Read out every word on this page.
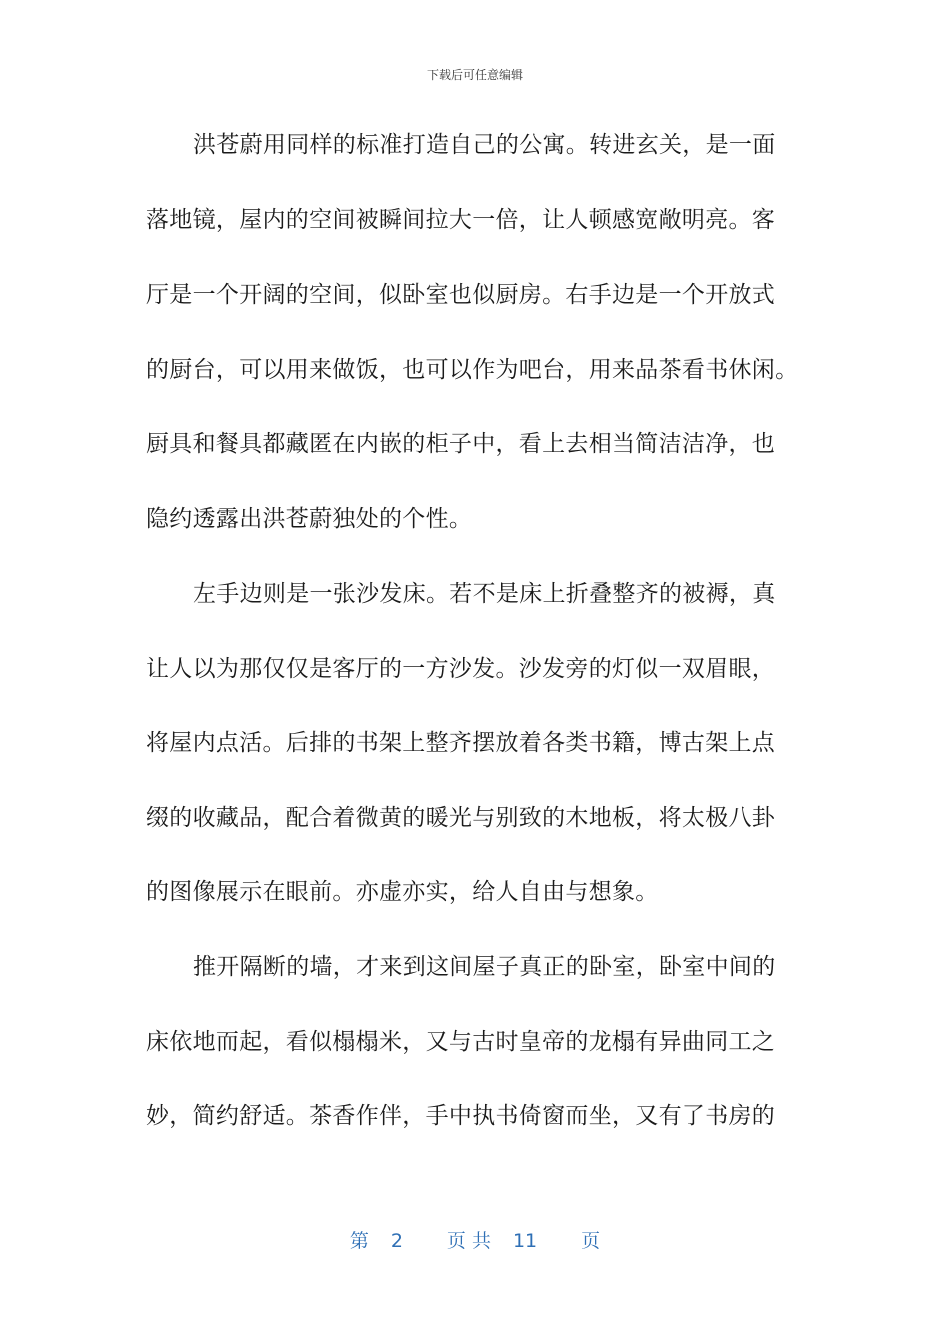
下载后可任意编辑
洪苍蔚用同样的标准打造自己的公寓。转进玄关，是一面
落地镜，屋内的空间被瞬间拉大一倍，让人顿感宽敞明亮。客
厅是一个开阔的空间，似卧室也似厨房。右手边是一个开放式
的厨台，可以用来做饭，也可以作为吧台，用来品茶看书休闲。
厨具和餐具都藏匿在内嵌的柜子中，看上去相当简洁洁净，也
隐约透露出洪苍蔚独处的个性。
左手边则是一张沙发床。若不是床上折叠整齐的被褥，真
让人以为那仅仅是客厅的一方沙发。沙发旁的灯似一双眉眼，
将屋内点活。后排的书架上整齐摆放着各类书籍，博古架上点
缀的收藏品，配合着微黄的暖光与别致的木地板，将太极八卦
的图像展示在眼前。亦虚亦实，给人自由与想象。
推开隔断的墙，才来到这间屋子真正的卧室，卧室中间的
床依地而起，看似榻榻米，又与古时皇帝的龙榻有异曲同工之
妙，简约舒适。茶香作伴，手中执书倚窗而坐，又有了书房的
第 2 页 共 11 页
